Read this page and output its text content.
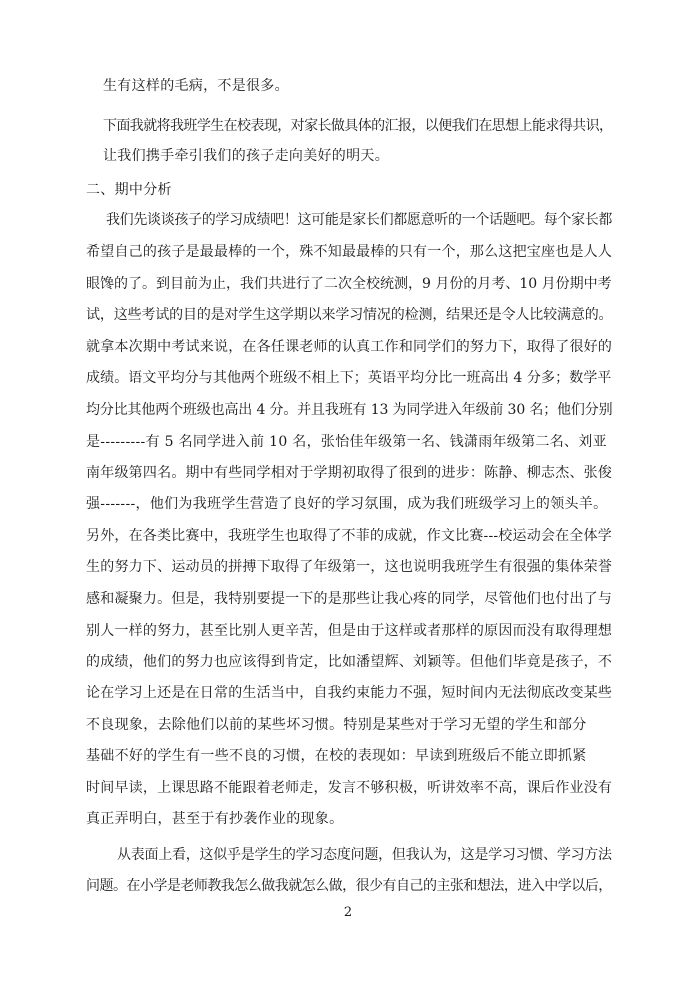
生有这样的毛病，不是很多。
下面我就将我班学生在校表现，对家长做具体的汇报，以便我们在思想上能求得共识，
让我们携手牵引我们的孩子走向美好的明天。
二、期中分析
我们先谈谈孩子的学习成绩吧！这可能是家长们都愿意听的一个话题吧。每个家长都
希望自己的孩子是最最棒的一个，殊不知最最棒的只有一个，那么这把宝座也是人人
眼馋的了。到目前为止，我们共进行了二次全校统测，9 月份的月考、10 月份期中考
试，这些考试的目的是对学生这学期以来学习情况的检测，结果还是令人比较满意的。
就拿本次期中考试来说，在各任课老师的认真工作和同学们的努力下，取得了很好的
成绩。语文平均分与其他两个班级不相上下；英语平均分比一班高出 4 分多；数学平
均分比其他两个班级也高出 4 分。并且我班有 13 为同学进入年级前 30 名；他们分别
是---------有 5 名同学进入前 10 名，张怡佳年级第一名、钱潇雨年级第二名、刘亚
南年级第四名。期中有些同学相对于学期初取得了很到的进步：陈静、柳志杰、张俊
强-------，他们为我班学生营造了良好的学习氛围，成为我们班级学习上的领头羊。
另外，在各类比赛中，我班学生也取得了不菲的成就，作文比赛---校运动会在全体学
生的努力下、运动员的拼搏下取得了年级第一，这也说明我班学生有很强的集体荣誉
感和凝聚力。但是，我特别要提一下的是那些让我心疼的同学，尽管他们也付出了与
别人一样的努力，甚至比别人更辛苦，但是由于这样或者那样的原因而没有取得理想
的成绩，他们的努力也应该得到肯定，比如潘望辉、刘颖等。但他们毕竟是孩子，不
论在学习上还是在日常的生活当中，自我约束能力不强，短时间内无法彻底改变某些
不良现象，去除他们以前的某些坏习惯。特别是某些对于学习无望的学生和部分
基础不好的学生有一些不良的习惯，在校的表现如：早读到班级后不能立即抓紧
时间早读，上课思路不能跟着老师走，发言不够积极，听讲效率不高，课后作业没有
真正弄明白，甚至于有抄袭作业的现象。
从表面上看，这似乎是学生的学习态度问题，但我认为，这是学习习惯、学习方法
问题。在小学是老师教我怎么做我就怎么做，很少有自己的主张和想法，进入中学以后，
2
